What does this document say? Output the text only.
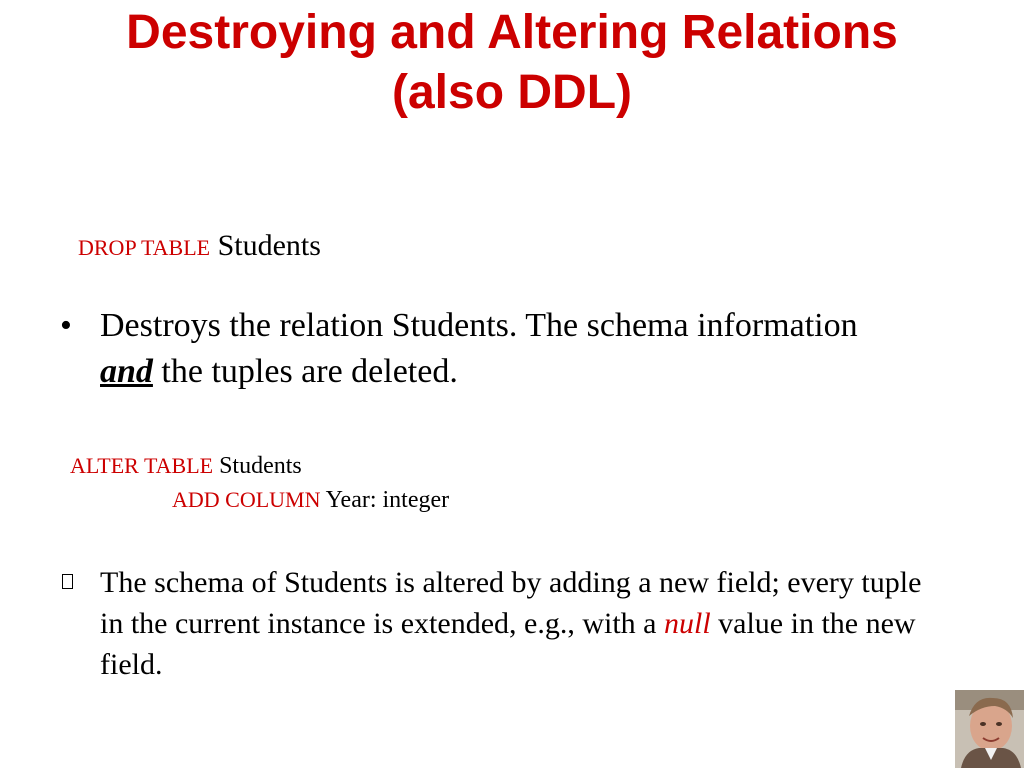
Destroying and Altering Relations
(also DDL)
DROP TABLE Students
• Destroys the relation Students. The schema information and the tuples are deleted.
ALTER TABLE Students
ADD COLUMN Year: integer
The schema of Students is altered by adding a new field; every tuple in the current instance is extended, e.g., with a null value in the new field.
